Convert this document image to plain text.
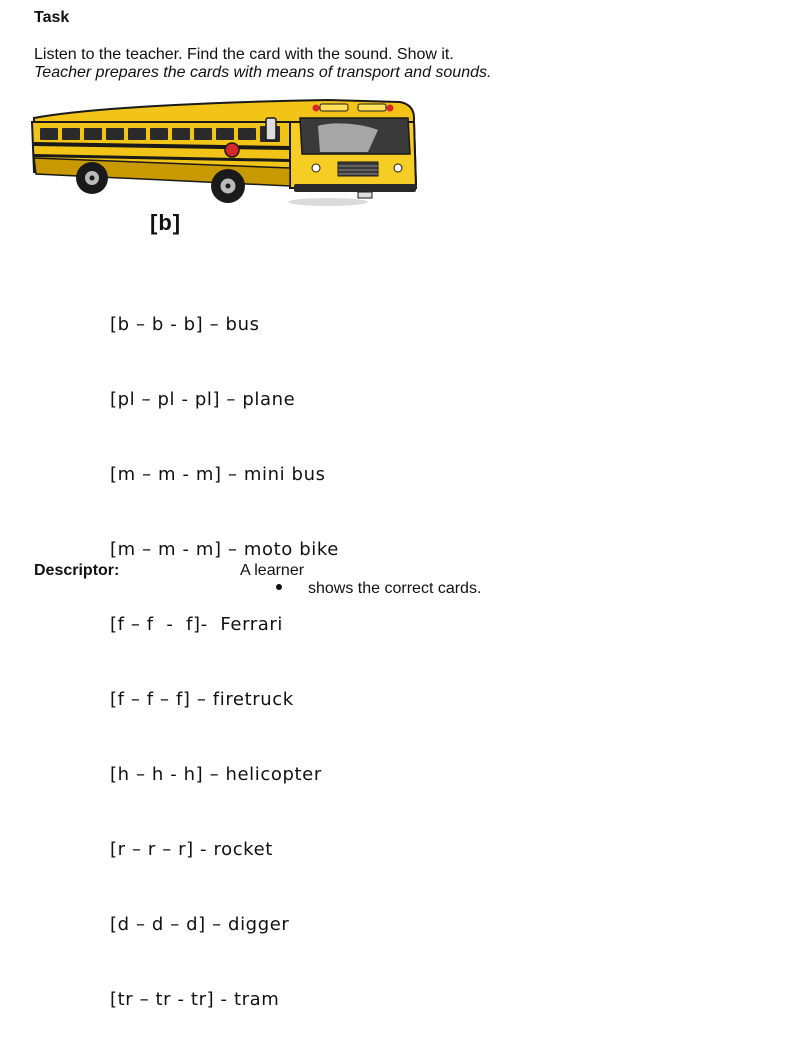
Task
Listen to the teacher. Find the card with the sound. Show it.
Teacher prepares the cards with means of transport and sounds.
[b]

[b – b - b] – bus

[pl – pl - pl] – plane

[m – m - m] – mini bus

[m – m - m] – moto bike

[f – f  -  f]-  Ferrari

[f – f – f] – firetruck

[h – h - h] – helicopter

[r – r – r] - rocket

[d – d – d] – digger

[tr – tr - tr] - tram

Descriptor:	A learner
shows the correct cards.
